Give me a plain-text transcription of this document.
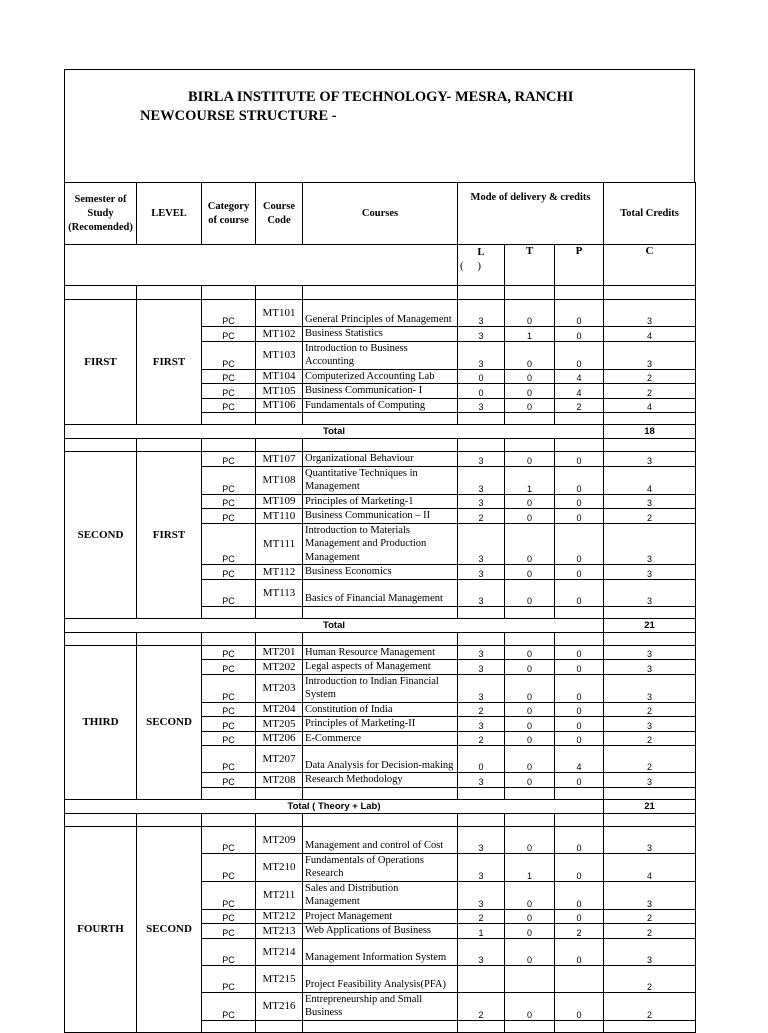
BIRLA INSTITUTE OF TECHNOLOGY- MESRA, RANCHI
NEWCOURSE STRUCTURE -
Semester of Study (Recomended)	LEVEL	Category of course	Course Code	Courses	Mode of delivery & credits			Total Credits

					L
(     )	T	P	C

FIRST	FIRST	PC	MT101	General Principles of Management	3	0	0	3
		PC	MT102	Business Statistics	3	1	0	4
		PC	MT103	Introduction to Business Accounting	3	0	0	3
		PC	MT104	Computerized Accounting Lab	0	0	4	2
		PC	MT105	Business Communication- I	0	0	4	2
		PC	MT106	Fundamentals of Computing	3	0	2	4

Total								18

SECOND	FIRST	PC	MT107	Organizational Behaviour	3	0	0	3
		PC	MT108	Quantitative Techniques in Management	3	1	0	4
		PC	MT109	Principles of Marketing-1	3	0	0	3
		PC	MT110	Business Communication – II	2	0	0	2
		PC	MT111	Introduction to Materials Management and Production Management	3	0	0	3
		PC	MT112	Business Economics	3	0	0	3
		PC	MT113	Basics of Financial Management	3	0	0	3

Total								21

THIRD	SECOND	PC	MT201	Human Resource Management	3	0	0	3
		PC	MT202	Legal aspects of Management	3	0	0	3
		PC	MT203	Introduction to Indian Financial System	3	0	0	3
		PC	MT204	Constitution of India	2	0	0	2
		PC	MT205	Principles of Marketing-II	3	0	0	3
		PC	MT206	E-Commerce	2	0	0	2
		PC	MT207	Data Analysis for Decision-making	0	0	4	2
		PC	MT208	Research Methodology	3	0	0	3

Total ( Theory + Lab)								21

FOURTH	SECOND	PC	MT209	Management and control of Cost	3	0	0	3
		PC	MT210	Fundamentals of Operations Research	3	1	0	4
		PC	MT211	Sales and Distribution Management	3	0	0	3
		PC	MT212	Project Management	2	0	0	2
		PC	MT213	Web Applications of Business	1	0	2	2
		PC	MT214	Management Information System	3	0	0	3
		PC	MT215	Project Feasibility Analysis(PFA)				2
		PC	MT216	Entrepreneurship and Small Business	2	0	0	2
